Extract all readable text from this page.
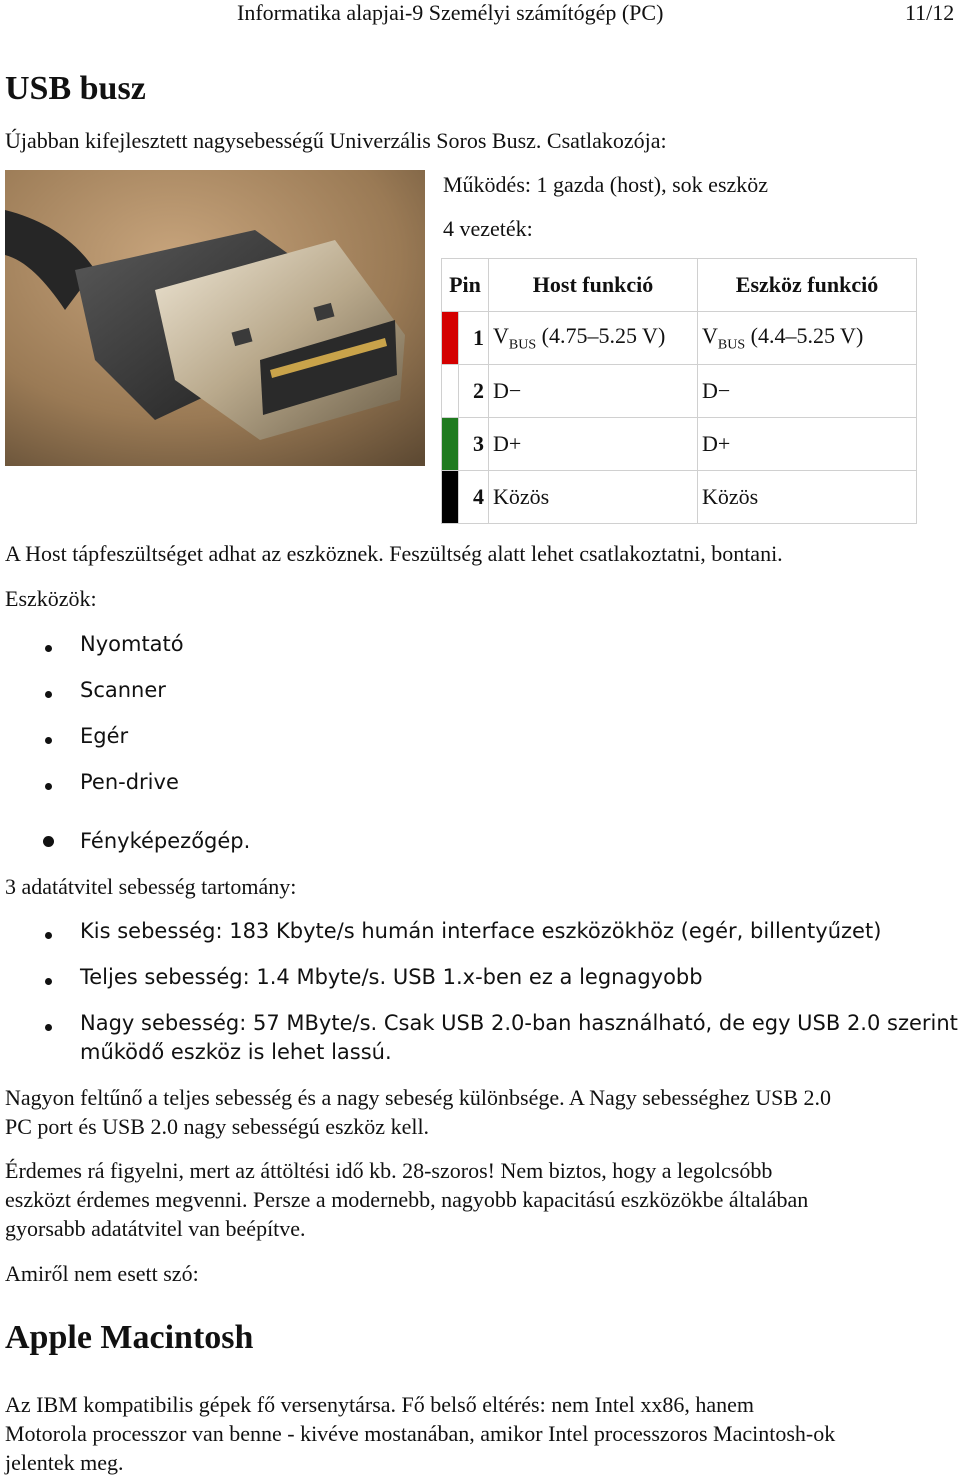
Informatika alapjai-9 Személyi számítógép (PC)	11/12
USB busz
Újabban kifejlesztett nagysebességű Univerzális Soros Busz. Csatlakozója:
Működés: 1 gazda (host), sok eszköz
4 vezeték:
Pin		Host funkció	Eszköz funkció
	1	$V_{BUS}$ (4.75–5.25 V)	$V_{BUS}$ (4.4–5.25 V)
	2	D−	D−
	3	D+	D+
	4	Közös	Közös
A Host tápfeszültséget adhat az eszköznek. Feszültség alatt lehet csatlakoztatni, bontani.
Eszközök:
Nyomtató
Scanner
Egér
Pen-drive
Fényképezőgép.
3 adatátvitel sebesség tartomány:
Kis sebesség: 183 Kbyte/s humán interface eszközökhöz (egér, billentyűzet)
Teljes sebesség: 1.4 Mbyte/s. USB 1.x-ben ez a legnagyobb
Nagy sebesség: 57 MByte/s. Csak USB 2.0-ban használható, de egy USB 2.0 szerint
működő eszköz is lehet lassú.
Nagyon feltűnő a teljes sebesség és a nagy sebeség különbsége. A Nagy sebességhez USB 2.0
PC port és USB 2.0 nagy sebességú eszköz kell.
Érdemes rá figyelni, mert az áttöltési idő kb. 28-szoros! Nem biztos, hogy a legolcsóbb
eszközt érdemes megvenni. Persze a modernebb, nagyobb kapacitású eszközökbe általában
gyorsabb adatátvitel van beépítve.
Amiről nem esett szó:
Apple Macintosh
Az IBM kompatibilis gépek fő versenytársa. Fő belső eltérés: nem Intel xx86, hanem
Motorola processzor van benne - kivéve mostanában, amikor Intel processzoros Macintosh-ok
jelentek meg.
